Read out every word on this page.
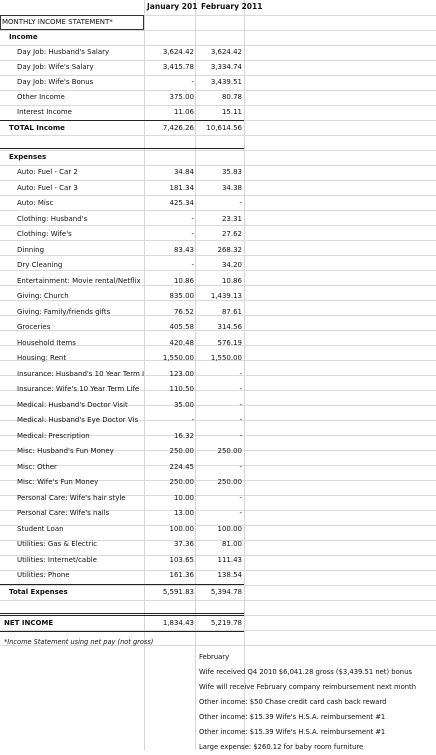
January 201 February 2011
MONTHLY INCOME STATEMENT*
Income
Day Job: Husband's Salary	3,624.42	3,624.42
Day Job: Wife's Salary	3,415.78	3,334.74
Day Job: Wife's Bonus	-	3,439.51
Other Income	375.00	80.78
Interest Income	11.06	15.11
TOTAL Income	7,426.26	10,614.56
Expenses
Auto: Fuel - Car 2	34.84	35.83
Auto: Fuel - Car 3	181.34	34.38
Auto: Misc	425.34	-
Clothing: Husband's	-	23.31
Clothing: Wife's	-	27.62
Dinning	83.43	268.32
Dry Cleaning	-	34.20
Entertainment: Movie rental/Netflix	10.86	10.86
Giving: Church	835.00	1,439.13
Giving: Family/friends gifts	76.52	87.61
Groceries	405.58	314.56
Household Items	420.48	576.19
Housing: Rent	1,550.00	1,550.00
Insurance: Husband's 10 Year Term I	123.00	-
Insurance: Wife's 10 Year Term Life	110.50	-
Medical: Husband's Doctor Visit	35.00	-
Medical: Husband's Eye Doctor Vis	-	-
Medical: Prescription	16.32	-
Misc: Husband's Fun Money	250.00	250.00
Misc: Other	224.45	-
Misc: Wife's Fun Money	250.00	250.00
Personal Care: Wife's hair style	10.00	-
Personal Care: Wife's nails	13.00	-
Student Loan	100.00	100.00
Utilities: Gas & Electric	37.36	81.00
Utilities: Internet/cable	103.65	111.43
Utilities: Phone	161.36	138.54
Total Expenses	5,591.83	5,394.78
NET INCOME	1,834.43	5,219.78
*Income Statement using net pay (not gross)
February
Wife received Q4 2010 $6,041.28 gross ($3,439.51 net) bonus
Wife will receive February company reimbursement next month
Other income: $50 Chase credit card cash back reward
Other income: $15.39 Wife's H.S.A. reimbursement #1
Other income: $15.39 Wife's H.S.A. reimbursement #1
Large expense: $260.12 for baby room furniture
